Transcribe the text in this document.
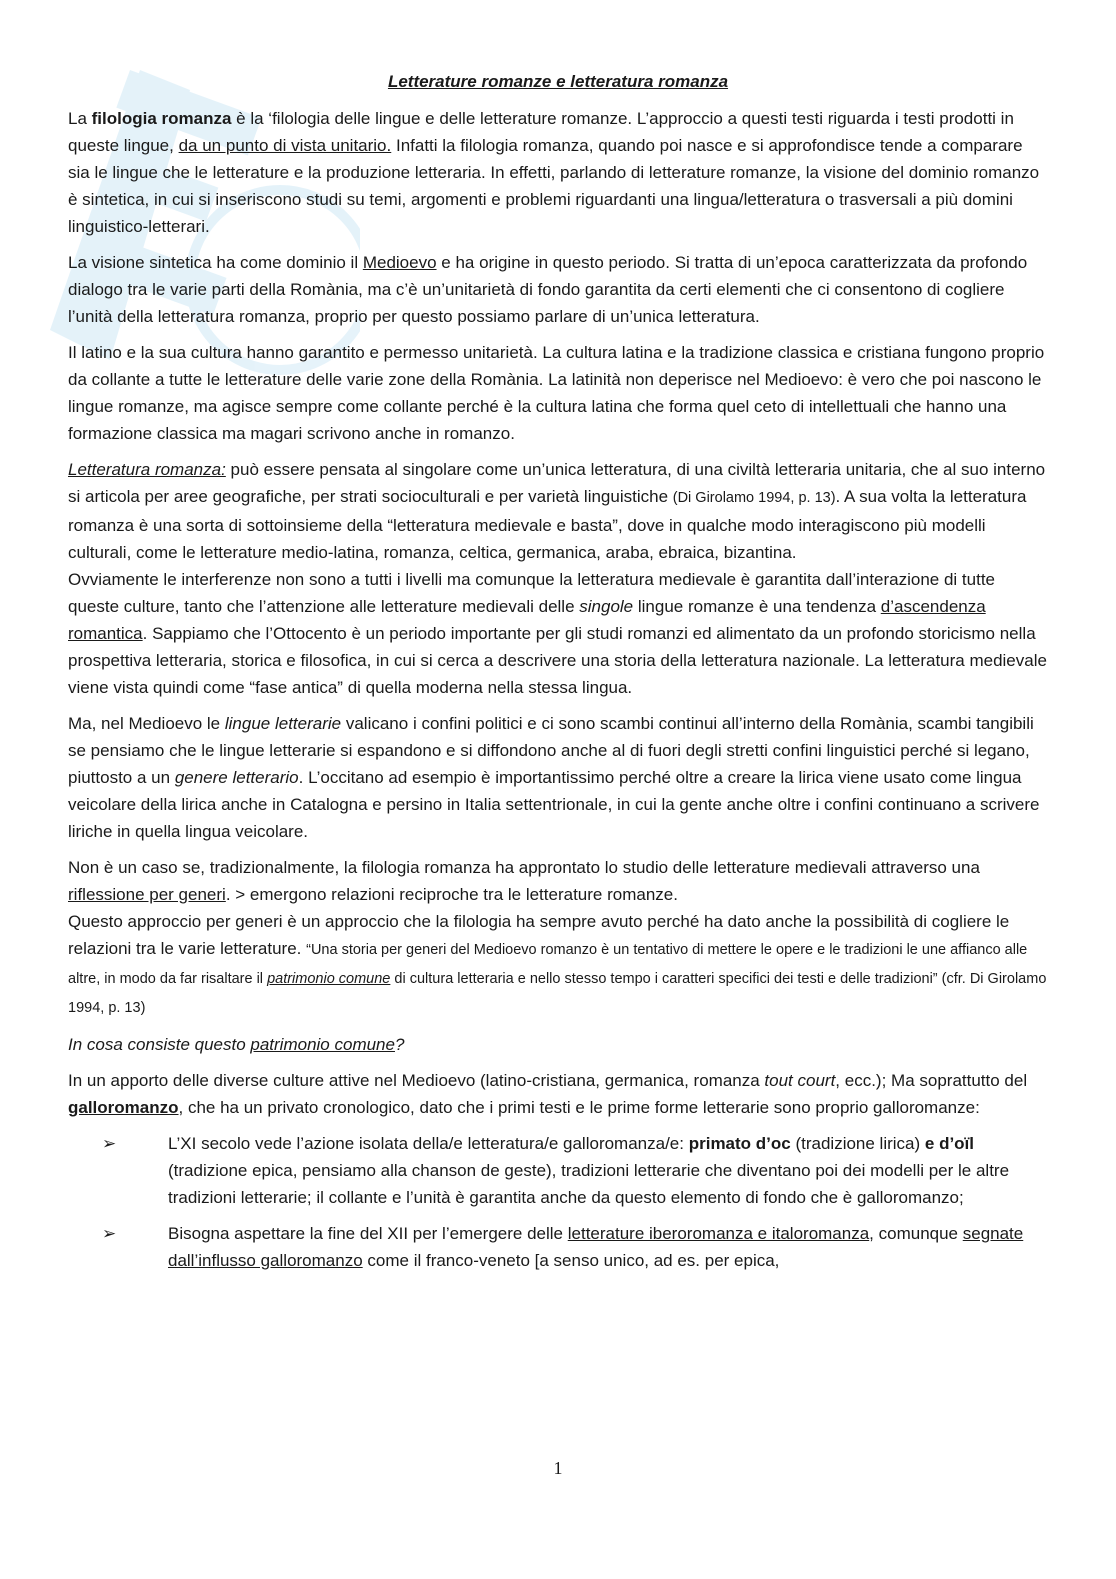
Letterature romanze e letteratura romanza

La filologia romanza è la ‘filologia delle lingue e delle letterature romanze. L’approccio a questi testi riguarda i testi prodotti in queste lingue, da un punto di vista unitario. Infatti la filologia romanza, quando poi nasce e si approfondisce tende a comparare sia le lingue che le letterature e la produzione letteraria. In effetti, parlando di letterature romanze, la visione del dominio romanzo è sintetica, in cui si inseriscono studi su temi, argomenti e problemi riguardanti una lingua/letteratura o trasversali a più domini linguistico-letterari.

La visione sintetica ha come dominio il Medioevo e ha origine in questo periodo. Si tratta di un’epoca caratterizzata da profondo dialogo tra le varie parti della Romània, ma c’è un’unitarietà di fondo garantita da certi elementi che ci consentono di cogliere l’unità della letteratura romanza, proprio per questo possiamo parlare di un’unica letteratura.

Il latino e la sua cultura hanno garantito e permesso unitarietà. La cultura latina e la tradizione classica e cristiana fungono proprio da collante a tutte le letterature delle varie zone della Romània. La latinità non deperisce nel Medioevo: è vero che poi nascono le lingue romanze, ma agisce sempre come collante perché è la cultura latina che forma quel ceto di intellettuali che hanno una formazione classica ma magari scrivono anche in romanzo.

Letteratura romanza: può essere pensata al singolare come un’unica letteratura, di una civiltà letteraria unitaria, che al suo interno si articola per aree geografiche, per strati socioculturali e per varietà linguistiche (Di Girolamo 1994, p. 13). A sua volta la letteratura romanza è una sorta di sottoinsieme della “letteratura medievale e basta”, dove in qualche modo interagiscono più modelli culturali, come le letterature medio-latina, romanza, celtica, germanica, araba, ebraica, bizantina.
Ovviamente le interferenze non sono a tutti i livelli ma comunque la letteratura medievale è garantita dall’interazione di tutte queste culture, tanto che l’attenzione alle letterature medievali delle singole lingue romanze è una tendenza d’ascendenza romantica. Sappiamo che l’Ottocento è un periodo importante per gli studi romanzi ed alimentato da un profondo storicismo nella prospettiva letteraria, storica e filosofica, in cui si cerca a descrivere una storia della letteratura nazionale. La letteratura medievale viene vista quindi come “fase antica” di quella moderna nella stessa lingua.

Ma, nel Medioevo le lingue letterarie valicano i confini politici e ci sono scambi continui all’interno della Romània, scambi tangibili se pensiamo che le lingue letterarie si espandono e si diffondono anche al di fuori degli stretti confini linguistici perché si legano, piuttosto a un genere letterario. L’occitano ad esempio è importantissimo perché oltre a creare la lirica viene usato come lingua veicolare della lirica anche in Catalogna e persino in Italia settentrionale, in cui la gente anche oltre i confini continuano a scrivere liriche in quella lingua veicolare.

Non è un caso se, tradizionalmente, la filologia romanza ha approntato lo studio delle letterature medievali attraverso una riflessione per generi. > emergono relazioni reciproche tra le letterature romanze.
Questo approccio per generi è un approccio che la filologia ha sempre avuto perché ha dato anche la possibilità di cogliere le relazioni tra le varie letterature. “Una storia per generi del Medioevo romanzo è un tentativo di mettere le opere e le tradizioni le une affianco alle altre, in modo da far risaltare il patrimonio comune di cultura letteraria e nello stesso tempo i caratteri specifici dei testi e delle tradizioni” (cfr. Di Girolamo 1994, p. 13)

In cosa consiste questo patrimonio comune?

In un apporto delle diverse culture attive nel Medioevo (latino-cristiana, germanica, romanza tout court, ecc.); Ma soprattutto del galloromanzo, che ha un privato cronologico, dato che i primi testi e le prime forme letterarie sono proprio galloromanze:

➢	L’XI secolo vede l’azione isolata della/e letteratura/e galloromanza/e: primato d’oc (tradizione lirica) e d’oïl (tradizione epica, pensiamo alla chanson de geste), tradizioni letterarie che diventano poi dei modelli per le altre tradizioni letterarie; il collante e l’unità è garantita anche da questo elemento di fondo che è galloromanzo;
➢	Bisogna aspettare la fine del XII per l’emergere delle letterature iberoromanza e italoromanza, comunque segnate dall’influsso galloromanzo come il franco-veneto [a senso unico, ad es. per epica,
1
